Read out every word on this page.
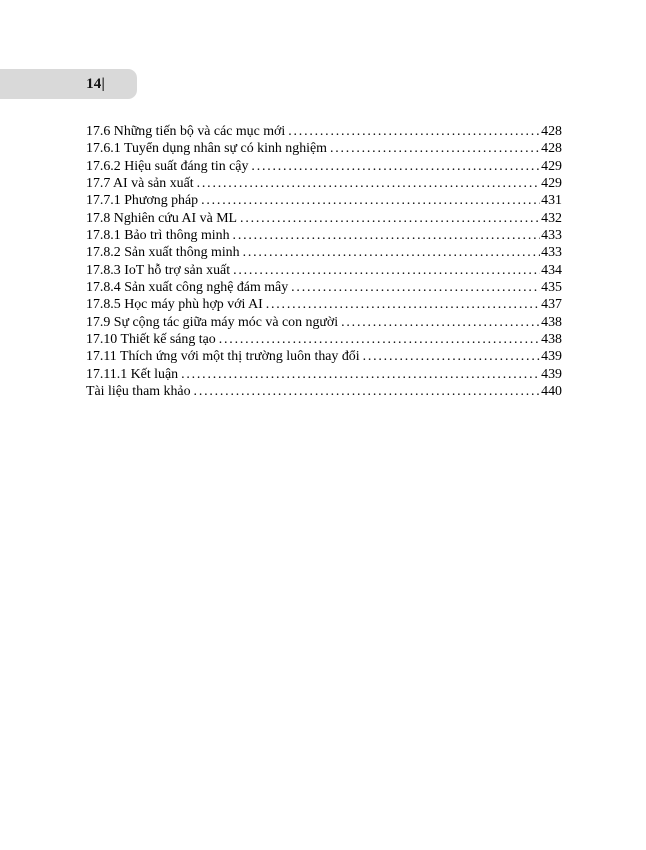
14|
17.6 Những tiến bộ và các mục mới .....	428
17.6.1 Tuyển dụng nhân sự có kinh nghiệm .....	428
17.6.2 Hiệu suất đáng tin cậy .....	429
17.7 AI và sản xuất .....	429
17.7.1 Phương pháp .....	431
17.8 Nghiên cứu AI và ML .....	432
17.8.1 Bảo trì thông minh .....	433
17.8.2 Sản xuất thông minh .....	433
17.8.3 IoT hỗ trợ sản xuất .....	434
17.8.4 Sản xuất công nghệ đám mây .....	435
17.8.5 Học máy phù hợp với AI .....	437
17.9 Sự cộng tác giữa máy móc và con người .....	438
17.10 Thiết kế sáng tạo .....	438
17.11 Thích ứng với một thị trường luôn thay đổi .....	439
17.11.1 Kết luận .....	439
Tài liệu tham khảo .....	440
